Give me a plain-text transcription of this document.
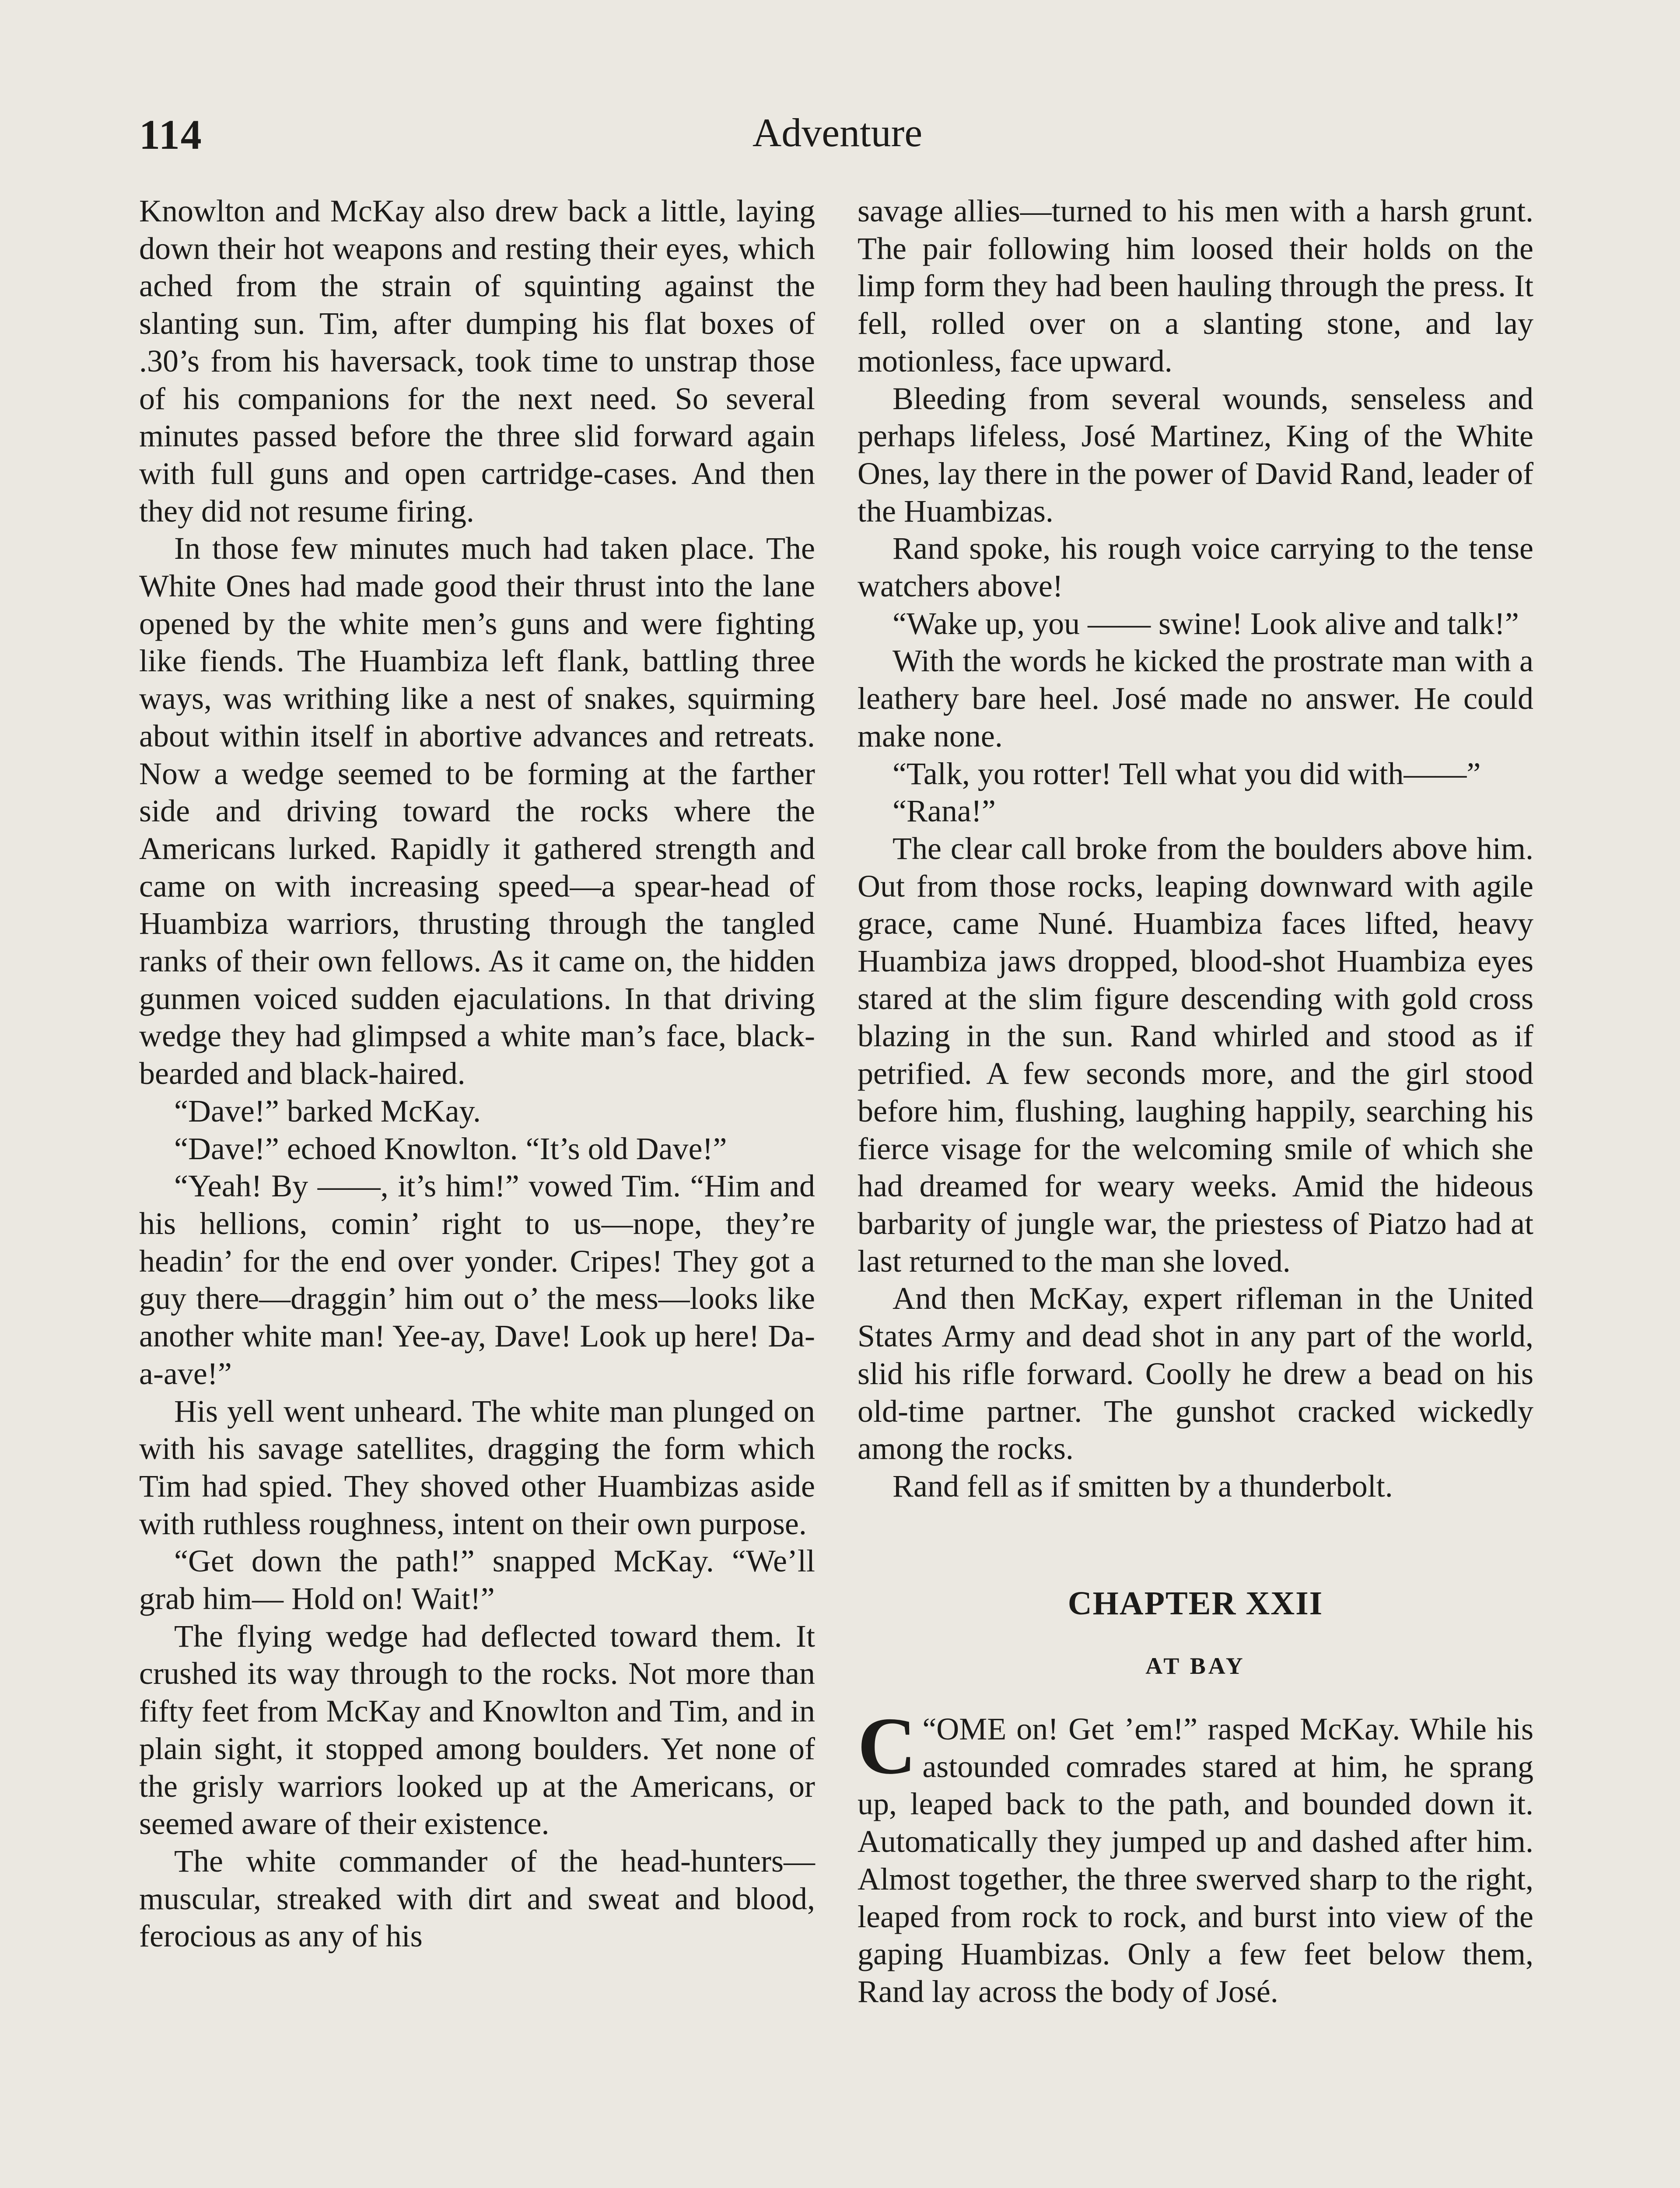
114	Adventure

Knowlton and McKay also drew back a little, laying down their hot weapons and resting their eyes, which ached from the strain of squinting against the slanting sun. Tim, after dumping his flat boxes of .30’s from his haversack, took time to unstrap those of his companions for the next need. So several minutes passed before the three slid forward again with full guns and open cartridge-cases. And then they did not resume firing.

In those few minutes much had taken place. The White Ones had made good their thrust into the lane opened by the white men’s guns and were fighting like fiends. The Huambiza left flank, battling three ways, was writhing like a nest of snakes, squirming about within itself in abortive advances and retreats. Now a wedge seemed to be forming at the farther side and driving toward the rocks where the Americans lurked. Rapidly it gathered strength and came on with increasing speed—a spear-head of Huambiza warriors, thrusting through the tangled ranks of their own fellows. As it came on, the hidden gunmen voiced sudden ejaculations. In that driving wedge they had glimpsed a white man’s face, black-bearded and black-haired.

“Dave!” barked McKay.

“Dave!” echoed Knowlton. “It’s old Dave!”

“Yeah! By ——, it’s him!” vowed Tim. “Him and his hellions, comin’ right to us—nope, they’re headin’ for the end over yonder. Cripes! They got a guy there—draggin’ him out o’ the mess—looks like another white man! Yee-ay, Dave! Look up here! Da-a-ave!”

His yell went unheard. The white man plunged on with his savage satellites, dragging the form which Tim had spied. They shoved other Huambizas aside with ruthless roughness, intent on their own purpose.

“Get down the path!” snapped McKay. “We’ll grab him— Hold on! Wait!”

The flying wedge had deflected toward them. It crushed its way through to the rocks. Not more than fifty feet from McKay and Knowlton and Tim, and in plain sight, it stopped among boulders. Yet none of the grisly warriors looked up at the Americans, or seemed aware of their existence.

The white commander of the head-hunters—muscular, streaked with dirt and sweat and blood, ferocious as any of his

savage allies—turned to his men with a harsh grunt. The pair following him loosed their holds on the limp form they had been hauling through the press. It fell, rolled over on a slanting stone, and lay motionless, face upward.

Bleeding from several wounds, senseless and perhaps lifeless, José Martinez, King of the White Ones, lay there in the power of David Rand, leader of the Huambizas.

Rand spoke, his rough voice carrying to the tense watchers above!

“Wake up, you —— swine! Look alive and talk!”

With the words he kicked the prostrate man with a leathery bare heel. José made no answer. He could make none.

“Talk, you rotter! Tell what you did with——”

“Rana!”

The clear call broke from the boulders above him. Out from those rocks, leaping downward with agile grace, came Nuné. Huambiza faces lifted, heavy Huambiza jaws dropped, blood-shot Huambiza eyes stared at the slim figure descending with gold cross blazing in the sun. Rand whirled and stood as if petrified. A few seconds more, and the girl stood before him, flushing, laughing happily, searching his fierce visage for the welcoming smile of which she had dreamed for weary weeks. Amid the hideous barbarity of jungle war, the priestess of Piatzo had at last returned to the man she loved.

And then McKay, expert rifleman in the United States Army and dead shot in any part of the world, slid his rifle forward. Coolly he drew a bead on his old-time partner. The gunshot cracked wickedly among the rocks.

Rand fell as if smitten by a thunderbolt.

CHAPTER XXII
AT BAY

“
C OME on! Get ’em!” rasped McKay. While his astounded comrades stared at him, he sprang up, leaped back to the path, and bounded down it. Automatically they jumped up and dashed after him. Almost together, the three swerved sharp to the right, leaped from rock to rock, and burst into view of the gaping Huambizas. Only a few feet below them, Rand lay across the body of José.
